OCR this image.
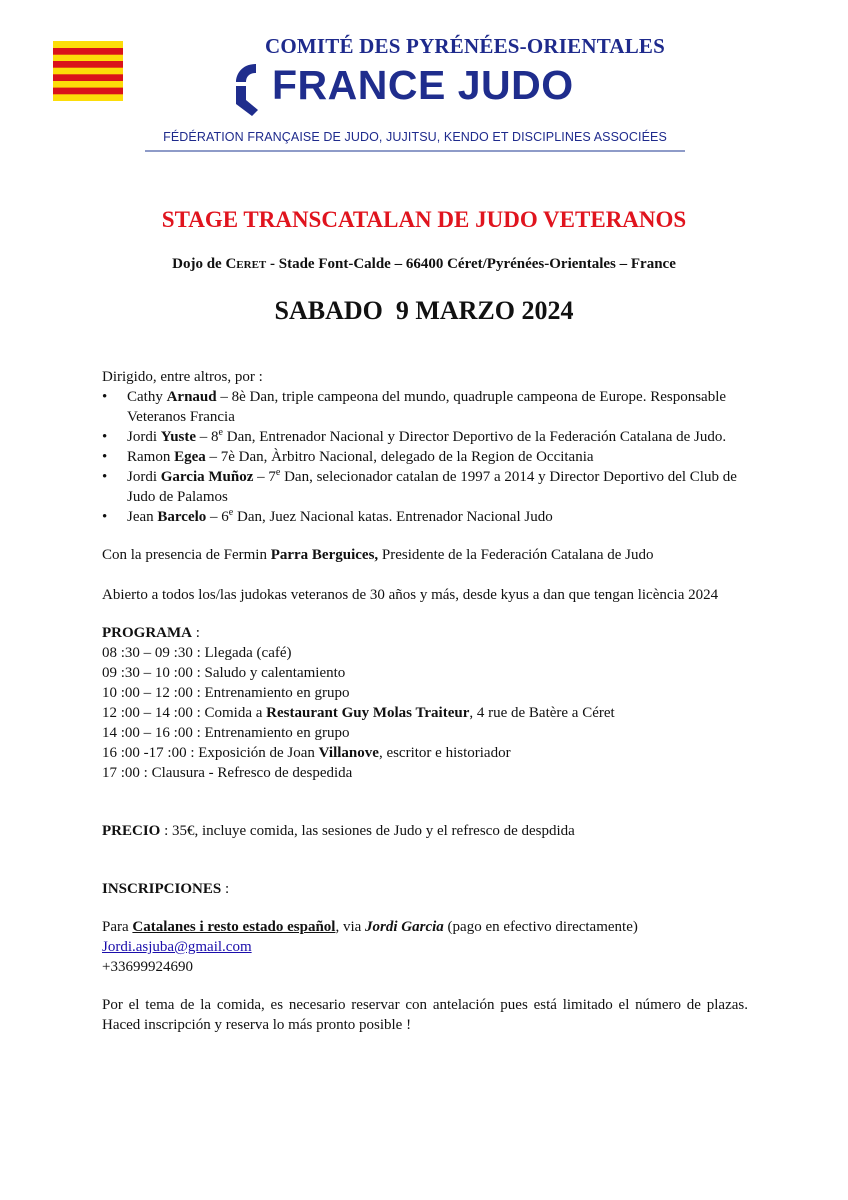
COMITÉ DES PYRÉNÉES-ORIENTALES
FRANCE JUDO
FÉDÉRATION FRANÇAISE DE JUDO, JUJITSU, KENDO ET DISCIPLINES ASSOCIÉES
STAGE TRANSCATALAN DE JUDO VETERANOS
Dojo de Ceret - Stade Font-Calde – 66400 Céret/Pyrénées-Orientales – France
SABADO  9 MARZO 2024

Dirigido, entre altros, por :

• Cathy Arnaud – 8è Dan, triple campeona del mundo, quadruple campeona de Europe. Responsable Veteranos Francia
• Jordi Yuste – 8e Dan, Entrenador Nacional y Director Deportivo de la Federación Catalana de Judo.
• Ramon Egea – 7è Dan, Àrbitro Nacional, delegado de la Region de Occitania
• Jordi Garcia Muñoz – 7e Dan, selecionador catalan de 1997 a 2014 y Director Deportivo del Club de Judo de Palamos
• Jean Barcelo – 6e Dan, Juez Nacional katas. Entrenador Nacional Judo

Con la presencia de Fermin Parra Berguices, Presidente de la Federación Catalana de Judo

Abierto a todos los/las judokas veteranos de 30 años y más, desde kyus a dan que tengan licència 2024

PROGRAMA :

08 :30 – 09 :30 : Llegada (café)

09 :30 – 10 :00 : Saludo y calentamiento

10 :00 – 12 :00 : Entrenamiento en grupo

12 :00 – 14 :00 : Comida a Restaurant Guy Molas Traiteur, 4 rue de Batère a Céret

14 :00 – 16 :00 : Entrenamiento en grupo

16 :00 -17 :00 : Exposición de Joan Villanove, escritor e historiador

17 :00 : Clausura - Refresco de despedida

PRECIO : 35€, incluye comida, las sesiones de Judo y el refresco de despdida

INSCRIPCIONES :

Para Catalanes i resto estado español, via Jordi Garcia (pago en efectivo directamente)

Jordi.asjuba@gmail.com

+33699924690

Por el tema de la comida, es necesario reservar con antelación pues está limitado el número de plazas. Haced inscripción y reserva lo más pronto posible !
